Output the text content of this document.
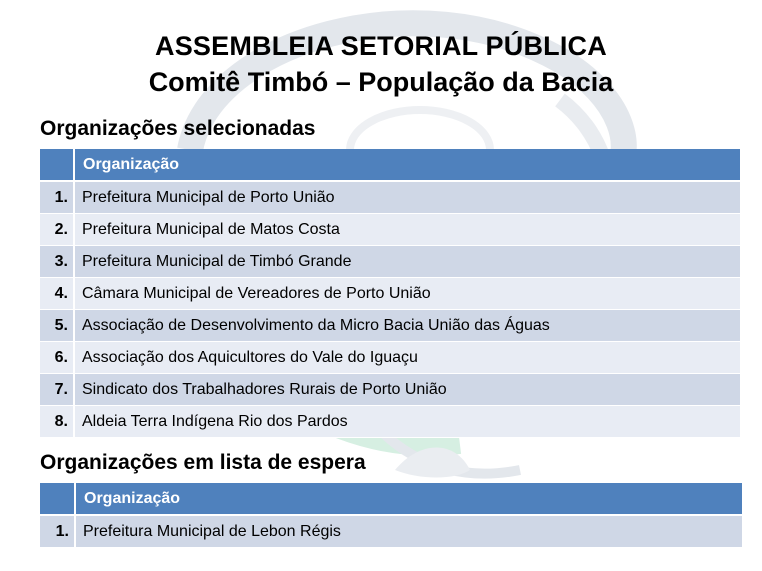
ASSEMBLEIA SETORIAL PÚBLICA
Comitê Timbó – População da Bacia
Organizações selecionadas
	Organização
1.	Prefeitura Municipal de Porto União
2.	Prefeitura Municipal de Matos Costa
3.	Prefeitura Municipal de Timbó Grande
4.	Câmara Municipal de Vereadores de Porto União
5.	Associação de Desenvolvimento da Micro Bacia União das Águas
6.	Associação dos Aquicultores do Vale do Iguaçu
7.	Sindicato dos Trabalhadores Rurais de Porto União
8.	Aldeia Terra Indígena Rio dos Pardos
Organizações em lista de espera
	Organização
1.	Prefeitura Municipal de Lebon Régis
